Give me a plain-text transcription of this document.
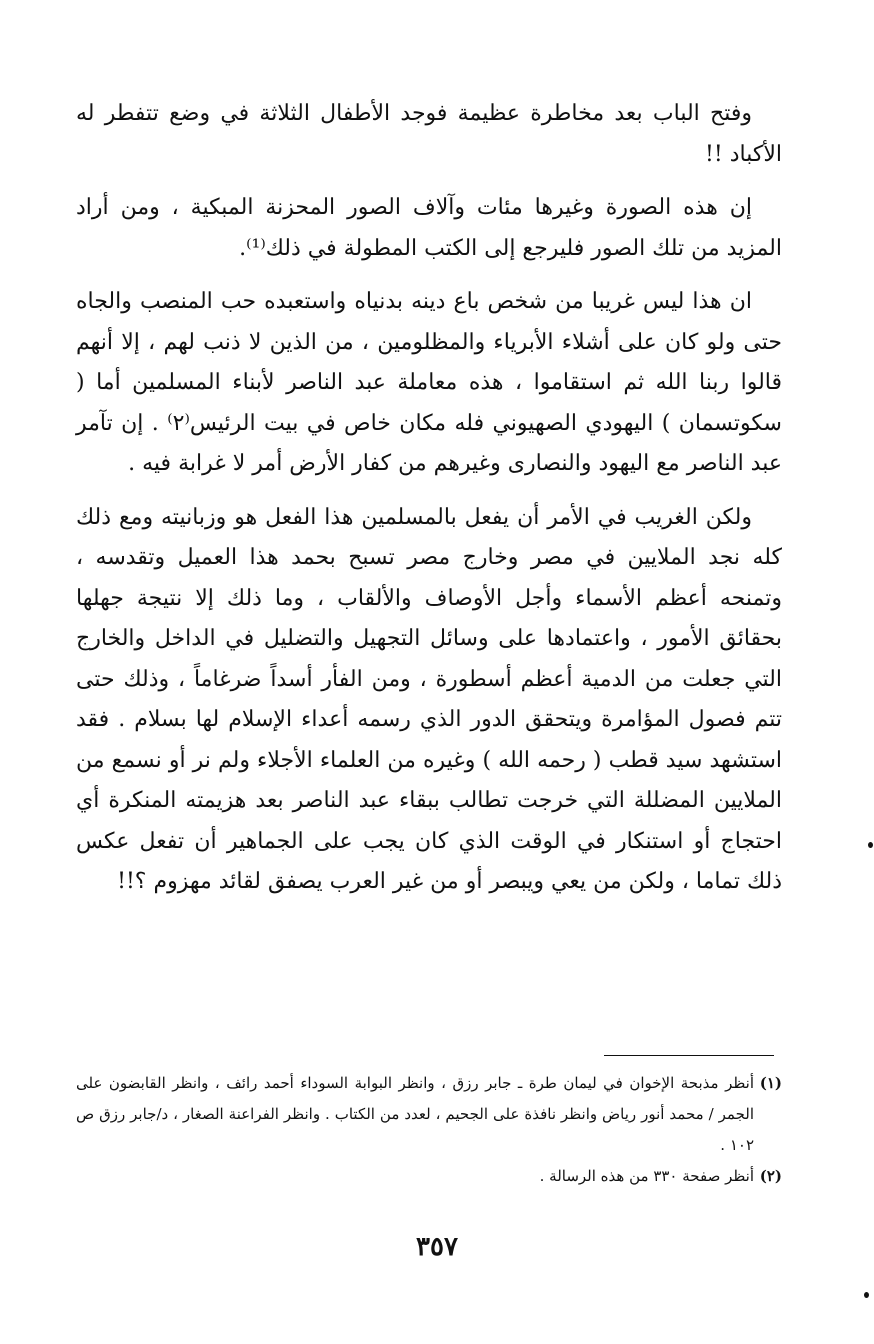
وفتح الباب بعد مخاطرة عظيمة فوجد الأطفال الثلاثة في وضع تتفطر له الأكباد !!

إن هذه الصورة وغيرها مئات وآلاف الصور المحزنة المبكية ، ومن أراد المزيد من تلك الصور فليرجع إلى الكتب المطولة في ذلك⁽¹⁾.

ان هذا ليس غريبا من شخص باع دينه بدنياه واستعبده حب المنصب والجاه حتى ولو كان على أشلاء الأبرياء والمظلومين ، من الذين لا ذنب لهم ، إلا أنهم قالوا ربنا الله ثم استقاموا ، هذه معاملة عبد الناصر لأبناء المسلمين أما ( سكوتسمان ) اليهودي الصهيوني فله مكان خاص في بيت الرئيس⁽٢⁾ . إن تآمر عبد الناصر مع اليهود والنصارى وغيرهم من كفار الأرض أمر لا غرابة فيه .

ولكن الغريب في الأمر أن يفعل بالمسلمين هذا الفعل هو وزبانيته ومع ذلك كله نجد الملايين في مصر وخارج مصر تسبح بحمد هذا العميل وتقدسه ، وتمنحه أعظم الأسماء وأجل الأوصاف والألقاب ، وما ذلك إلا نتيجة جهلها بحقائق الأمور ، واعتمادها على وسائل التجهيل والتضليل في الداخل والخارج التي جعلت من الدمية أعظم أسطورة ، ومن الفأر أسداً ضرغاماً ، وذلك حتى تتم فصول المؤامرة ويتحقق الدور الذي رسمه أعداء الإسلام لها بسلام . فقد استشهد سيد قطب ( رحمه الله ) وغيره من العلماء الأجلاء ولم نر أو نسمع من الملايين المضللة التي خرجت تطالب ببقاء عبد الناصر بعد هزيمته المنكرة أي احتجاج أو استنكار في الوقت الذي كان يجب على الجماهير أن تفعل عكس ذلك تماما ، ولكن من يعي ويبصر أو من غير العرب يصفق لقائد مهزوم ؟!!

(١)
أنظر مذبحة الإخوان في ليمان طرة ـ جابر رزق ، وانظر البوابة السوداء أحمد رائف ، وانظر القابضون على الجمر / محمد أنور رياض وانظر نافذة على الجحيم ، لعدد من الكتاب . وانظر الفراعنة الصغار ، د/جابر رزق ص ١٠٢ .
(٢)
أنظر صفحة ٣٣٠ من هذه الرسالة .
٣٥٧
